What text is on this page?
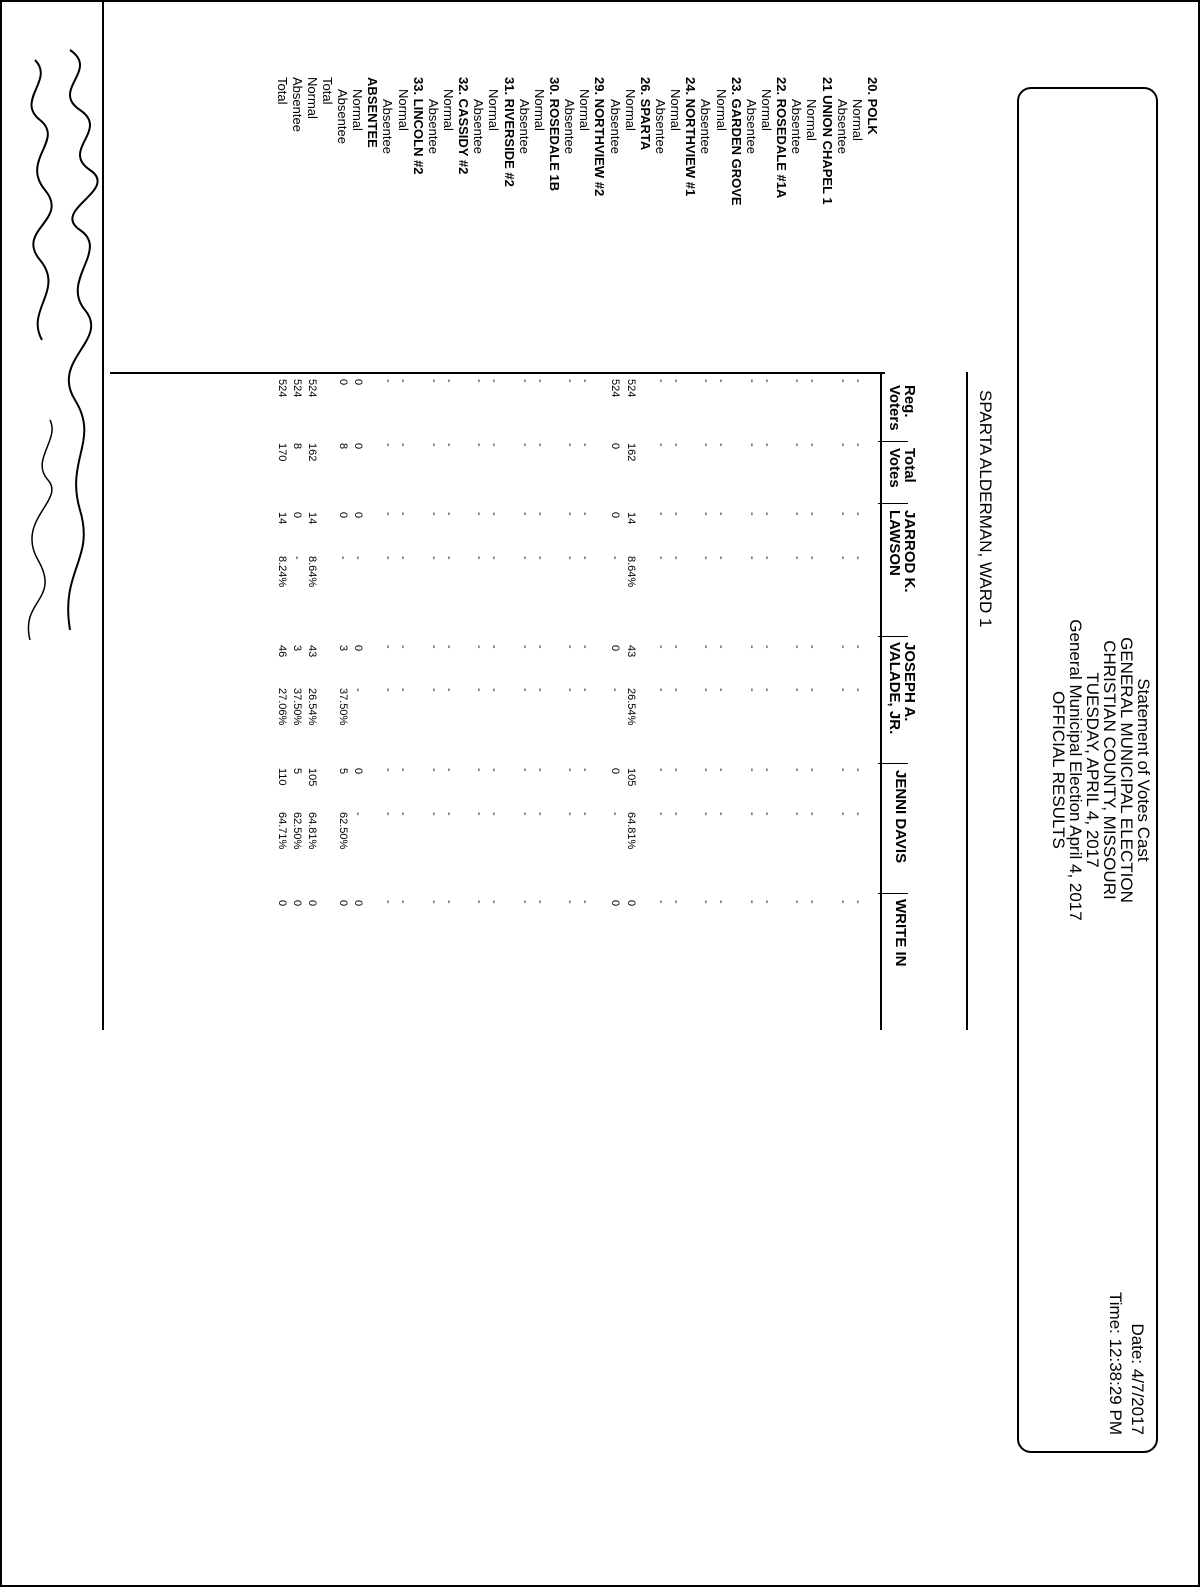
Statement of Votes Cast
GENERAL MUNICIPAL ELECTION
CHRISTIAN COUNTY, MISSOURI
TUESDAY, APRIL 4, 2017
General Municipal Election April 4, 2017
OFFICIAL RESULTS
Date: 4/7/2017
Time: 12:38:29 PM
SPARTA ALDERMAN, WARD 1
Reg.
Voters
Total
Votes
JARROD K.
LAWSON
JOSEPH A.
VALADE, JR.
JENNI DAVIS
WRITE IN
20. POLK
Normal
Absentee
21 UNION CHAPEL 1
Normal
Absentee
22. ROSEDALE #1A
Normal
Absentee
23. GARDEN GROVE
Normal
Absentee
24. NORTHVIEW #1
Normal
Absentee
26. SPARTA
Normal
Absentee
29. NORTHVIEW #2
Normal
Absentee
30. ROSEDALE 1B
Normal
Absentee
31. RIVERSIDE #2
Normal
Absentee
32. CASSIDY #2
Normal
Absentee
33. LINCOLN #2
Normal
Absentee
ABSENTEE
Normal
Absentee
Total
Normal
Absentee
Total
-
-
-
-
-
-
-
-
-
-
-
-
-
-
-
-
-
-
-
-
-
-
-
-
-
-
-
-
-
-
-
-
-
-
-
-
-
-
-
-
-
-
-
-
-
-
-
-
-
-
-
-
-
-
-
-
-
-
-
-
-
-
-
-
-
-
-
-
-
-
-
-
-
-
-
-
-
-
-
-
-
-
-
-
-
-
-
-
-
-
524
162
14
8.64%
43
26.54%
105
64.81%
0
524
0
0
-
0
-
0
-
0
-
-
-
-
-
-
-
-
-
-
-
-
-
-
-
-
-
-
-
-
-
-
-
-
-
-
-
-
-
-
-
-
-
-
-
-
-
-
-
-
-
-
-
-
-
-
-
-
-
-
-
-
-
-
-
-
-
-
-
-
-
-
-
-
-
-
-
-
-
-
-
-
-
-
-
-
-
-
-
-
-
-
-
-
-
-
-
-
-
-
0
0
0
-
0
-
0
-
0
0
8
0
-
3
37.50%
5
62.50%
0
524
162
14
8.64%
43
26.54%
105
64.81%
0
524
8
0
-
3
37.50%
5
62.50%
0
524
170
14
8.24%
46
27.06%
110
64.71%
0
